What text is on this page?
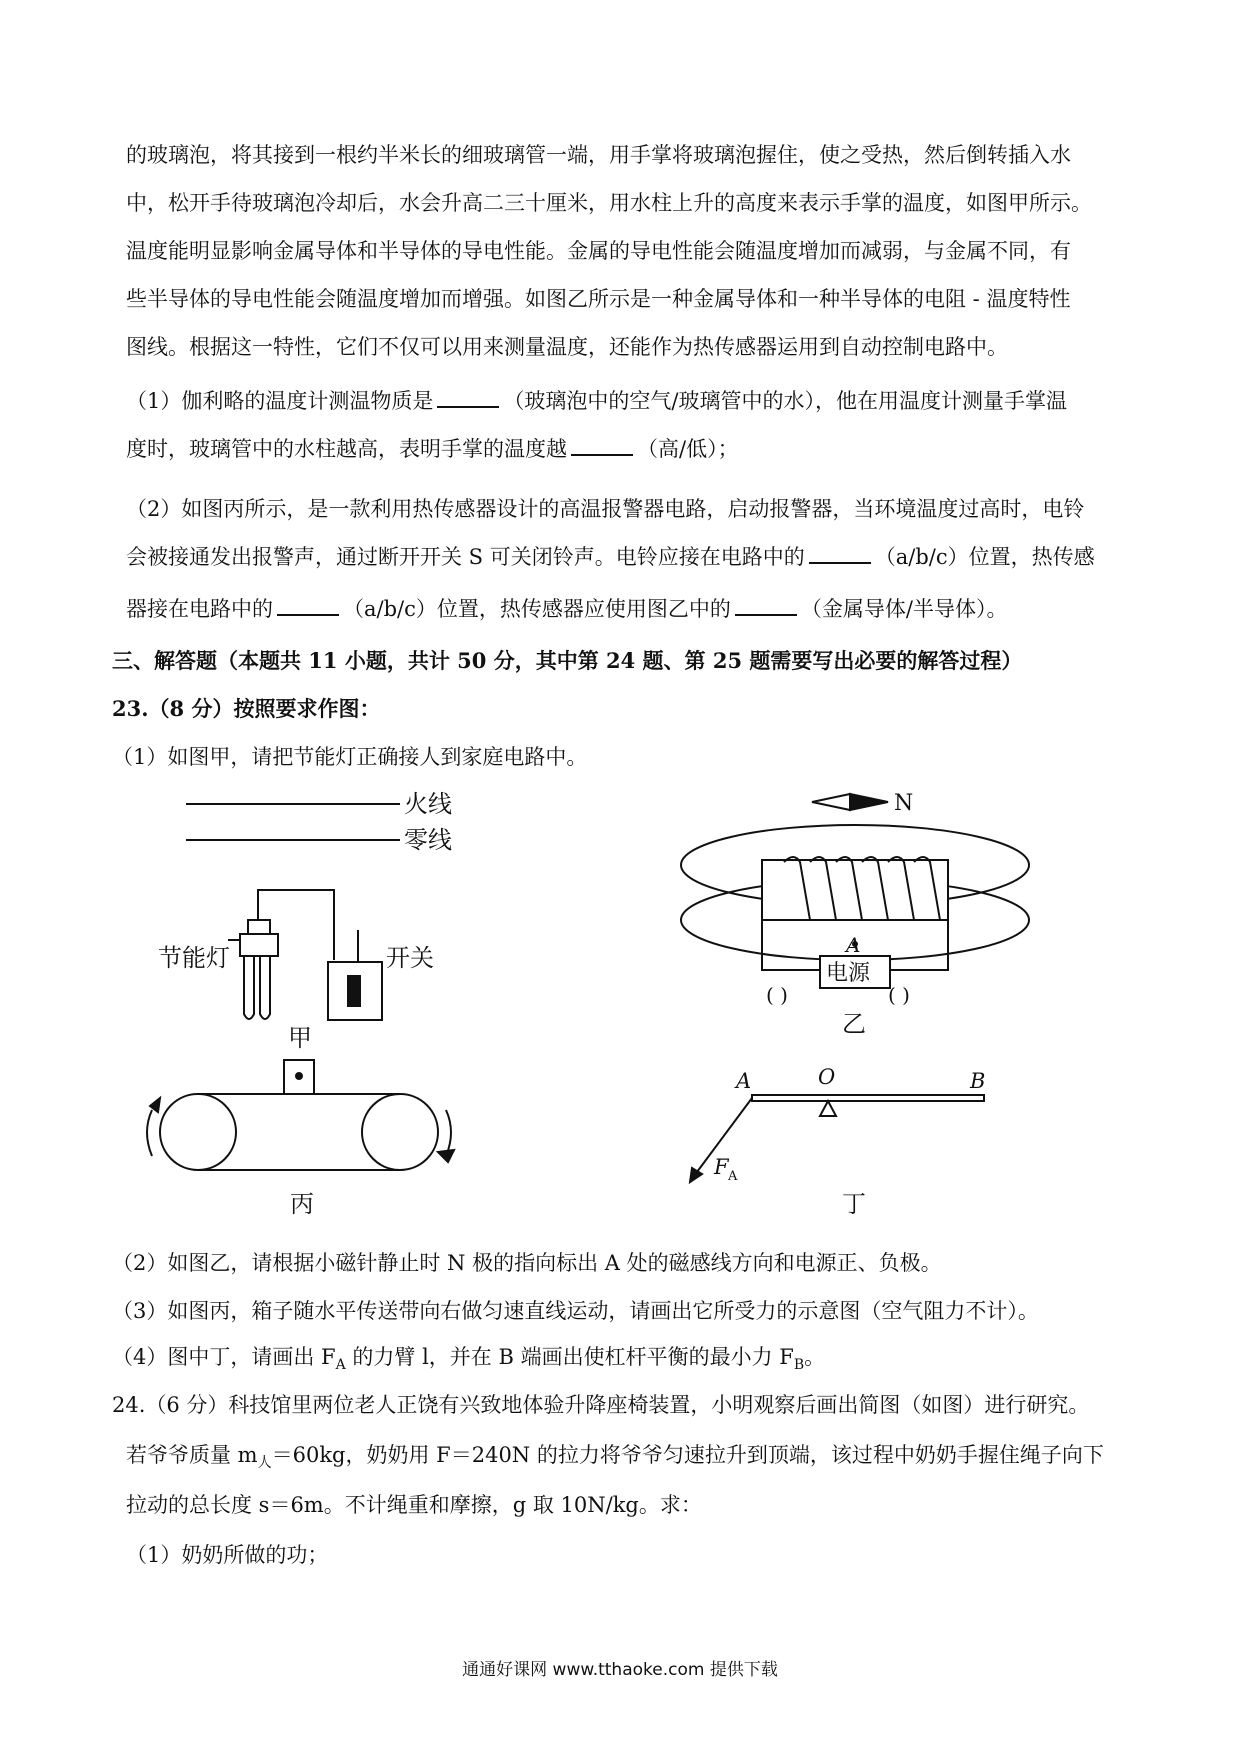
的玻璃泡，将其接到一根约半米长的细玻璃管一端，用手掌将玻璃泡握住，使之受热，然后倒转插入水
中，松开手待玻璃泡冷却后，水会升高二三十厘米，用水柱上升的高度来表示手掌的温度，如图甲所示。
温度能明显影响金属导体和半导体的导电性能。金属的导电性能会随温度增加而减弱，与金属不同，有
些半导体的导电性能会随温度增加而增强。如图乙所示是一种金属导体和一种半导体的电阻 - 温度特性
图线。根据这一特性，它们不仅可以用来测量温度，还能作为热传感器运用到自动控制电路中。
（1）伽利略的温度计测温物质是	（玻璃泡中的空气/玻璃管中的水），他在用温度计测量手掌温
度时，玻璃管中的水柱越高，表明手掌的温度越	（高/低）；
（2）如图丙所示，是一款利用热传感器设计的高温报警器电路，启动报警器，当环境温度过高时，电铃
会被接通发出报警声，通过断开开关 S 可关闭铃声。电铃应接在电路中的	（a/b/c）位置，热传感
器接在电路中的	（a/b/c）位置，热传感器应使用图乙中的	（金属导体/半导体）。
三、解答题（本题共 11 小题，共计 50 分，其中第 24 题、第 25 题需要写出必要的解答过程）
23.（8 分）按照要求作图：
（1）如图甲，请把节能灯正确接人到家庭电路中。
火线
零线
节能灯	开关
甲
N
A
电源
( )	( )
乙
丙
A	O	B
F A
丁
（2）如图乙，请根据小磁针静止时 N 极的指向标出 A 处的磁感线方向和电源正、负极。
（3）如图丙，箱子随水平传送带向右做匀速直线运动，请画出它所受力的示意图（空气阻力不计）。
（4）图中丁，请画出 $F_A$ 的力臂 l，并在 B 端画出使杠杆平衡的最小力 $F_B$。
24.（6 分）科技馆里两位老人正饶有兴致地体验升降座椅装置，小明观察后画出简图（如图）进行研究。
若爷爷质量 $m_人=60kg$，奶奶用 F＝240N 的拉力将爷爷匀速拉升到顶端，该过程中奶奶手握住绳子向下
拉动的总长度 s＝6m。不计绳重和摩擦，g 取 10N/kg。求：
（1）奶奶所做的功；
通通好课网 www.tthaoke.com 提供下载
